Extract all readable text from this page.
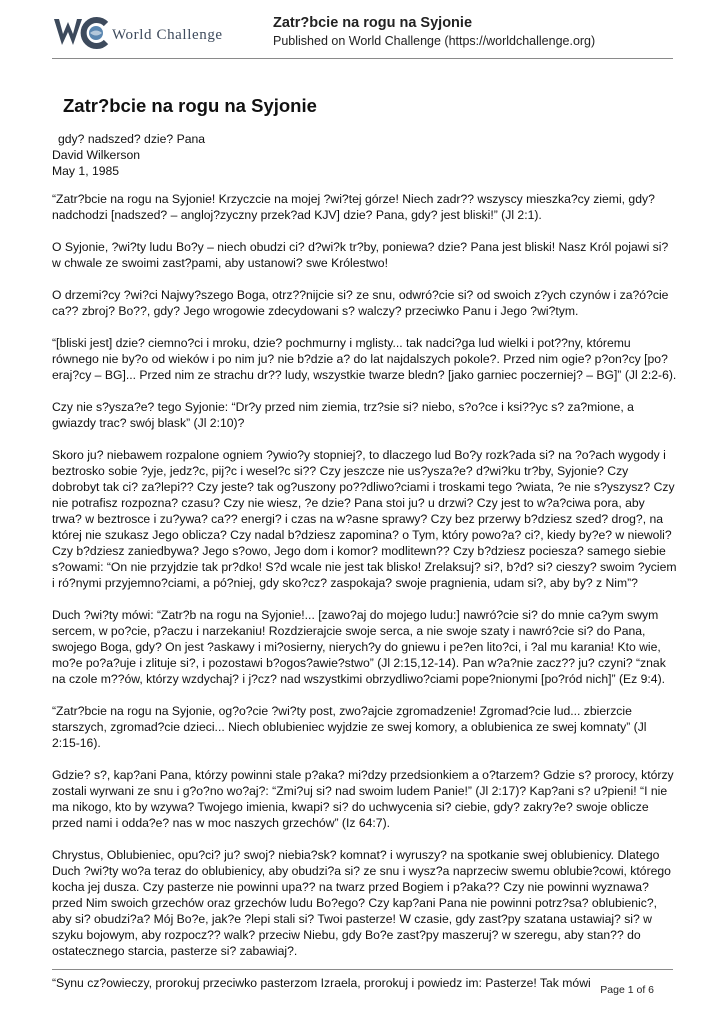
World Challenge
Zatr?bcie na rogu na Syjonie
Published on World Challenge (https://worldchallenge.org)
Zatr?bcie na rogu na Syjonie
gdy? nadszed? dzie? Pana
David Wilkerson
May 1, 1985

“Zatr?bcie na rogu na Syjonie! Krzyczcie na mojej ?wi?tej górze! Niech zadr?? wszyscy mieszka?cy ziemi, gdy? nadchodzi [nadszed? – angloj?zyczny przek?ad KJV] dzie? Pana, gdy? jest bliski!” (Jl 2:1).

O Syjonie, ?wi?ty ludu Bo?y – niech obudzi ci? d?wi?k tr?by, poniewa? dzie? Pana jest bliski! Nasz Król pojawi si? w chwale ze swoimi zast?pami, aby ustanowi? swe Królestwo!

O drzemi?cy ?wi?ci Najwy?szego Boga, otrz??nijcie si? ze snu, odwró?cie si? od swoich z?ych czynów i za?ó?cie ca?? zbroj? Bo??, gdy? Jego wrogowie zdecydowani s? walczy? przeciwko Panu i Jego ?wi?tym.

“[bliski jest] dzie? ciemno?ci i mroku, dzie? pochmurny i mglisty... tak nadci?ga lud wielki i pot??ny, któremu równego nie by?o od wieków i po nim ju? nie b?dzie a? do lat najdalszych pokole?. Przed nim ogie? p?on?cy [po?eraj?cy – BG]... Przed nim ze strachu dr?? ludy, wszystkie twarze bledn? [jako garniec poczerniej? – BG]” (Jl 2:2-6).

Czy nie s?ysza?e? tego Syjonie: “Dr?y przed nim ziemia, trz?sie si? niebo, s?o?ce i ksi??yc s? za?mione, a gwiazdy trac? swój blask” (Jl 2:10)?

Skoro ju? niebawem rozpalone ogniem ?ywio?y stopniej?, to dlaczego lud Bo?y rozk?ada si? na ?o?ach wygody i beztrosko sobie ?yje, jedz?c, pij?c i wesel?c si?? Czy jeszcze nie us?ysza?e? d?wi?ku tr?by, Syjonie? Czy dobrobyt tak ci? za?lepi?? Czy jeste? tak og?uszony po??dliwo?ciami i troskami tego ?wiata, ?e nie s?yszysz? Czy nie potrafisz rozpozna? czasu? Czy nie wiesz, ?e dzie? Pana stoi ju? u drzwi? Czy jest to w?a?ciwa pora, aby trwa? w beztrosce i zu?ywa? ca?? energi? i czas na w?asne sprawy? Czy bez przerwy b?dziesz szed? drog?, na której nie szukasz Jego oblicza? Czy nadal b?dziesz zapomina? o Tym, który powo?a? ci?, kiedy by?e? w niewoli? Czy b?dziesz zaniedbywa? Jego s?owo, Jego dom i komor? modlitewn?? Czy b?dziesz pociesza? samego siebie s?owami: “On nie przyjdzie tak pr?dko! S?d wcale nie jest tak blisko! Zrelaksuj? si?, b?d? si? cieszy? swoim ?yciem i ró?nymi przyjemno?ciami, a pó?niej, gdy sko?cz? zaspokaja? swoje pragnienia, udam si?, aby by? z Nim”?

Duch ?wi?ty mówi: “Zatr?b na rogu na Syjonie!... [zawo?aj do mojego ludu:] nawró?cie si? do mnie ca?ym swym sercem, w po?cie, p?aczu i narzekaniu! Rozdzierajcie swoje serca, a nie swoje szaty i nawró?cie si? do Pana, swojego Boga, gdy? On jest ?askawy i mi?osierny, nierych?y do gniewu i pe?en lito?ci, i ?al mu karania! Kto wie, mo?e po?a?uje i zlituje si?, i pozostawi b?ogos?awie?stwo” (Jl 2:15,12-14). Pan w?a?nie zacz?? ju? czyni? “znak na czole m??ów, którzy wzdychaj? i j?cz? nad wszystkimi obrzydliwo?ciami pope?nionymi [po?ród nich]” (Ez 9:4).

“Zatr?bcie na rogu na Syjonie, og?o?cie ?wi?ty post, zwo?ajcie zgromadzenie! Zgromad?cie lud... zbierzcie starszych, zgromad?cie dzieci... Niech oblubieniec wyjdzie ze swej komory, a oblubienica ze swej komnaty” (Jl 2:15-16).

Gdzie? s?, kap?ani Pana, którzy powinni stale p?aka? mi?dzy przedsionkiem a o?tarzem? Gdzie s? prorocy, którzy zostali wyrwani ze snu i g?o?no wo?aj?: “Zmi?uj si? nad swoim ludem Panie!” (Jl 2:17)? Kap?ani s? u?pieni! “I nie ma nikogo, kto by wzywa? Twojego imienia, kwapi? si? do uchwycenia si? ciebie, gdy? zakry?e? swoje oblicze przed nami i odda?e? nas w moc naszych grzechów” (Iz 64:7).

Chrystus, Oblubieniec, opu?ci? ju? swoj? niebia?sk? komnat? i wyruszy? na spotkanie swej oblubienicy. Dlatego Duch ?wi?ty wo?a teraz do oblubienicy, aby obudzi?a si? ze snu i wysz?a naprzeciw swemu oblubie?cowi, którego kocha jej dusza. Czy pasterze nie powinni upa?? na twarz przed Bogiem i p?aka?? Czy nie powinni wyznawa? przed Nim swoich grzechów oraz grzechów ludu Bo?ego? Czy kap?ani Pana nie powinni potrz?sa? oblubienic?, aby si? obudzi?a? Mój Bo?e, jak?e ?lepi stali si? Twoi pasterze! W czasie, gdy zast?py szatana ustawiaj? si? w szyku bojowym, aby rozpocz?? walk? przeciw Niebu, gdy Bo?e zast?py maszeruj? w szeregu, aby stan?? do ostatecznego starcia, pasterze si? zabawiaj?.

“Synu cz?owieczy, prorokuj przeciwko pasterzom Izraela, prorokuj i powiedz im: Pasterze! Tak mówi Page 1 of 6
